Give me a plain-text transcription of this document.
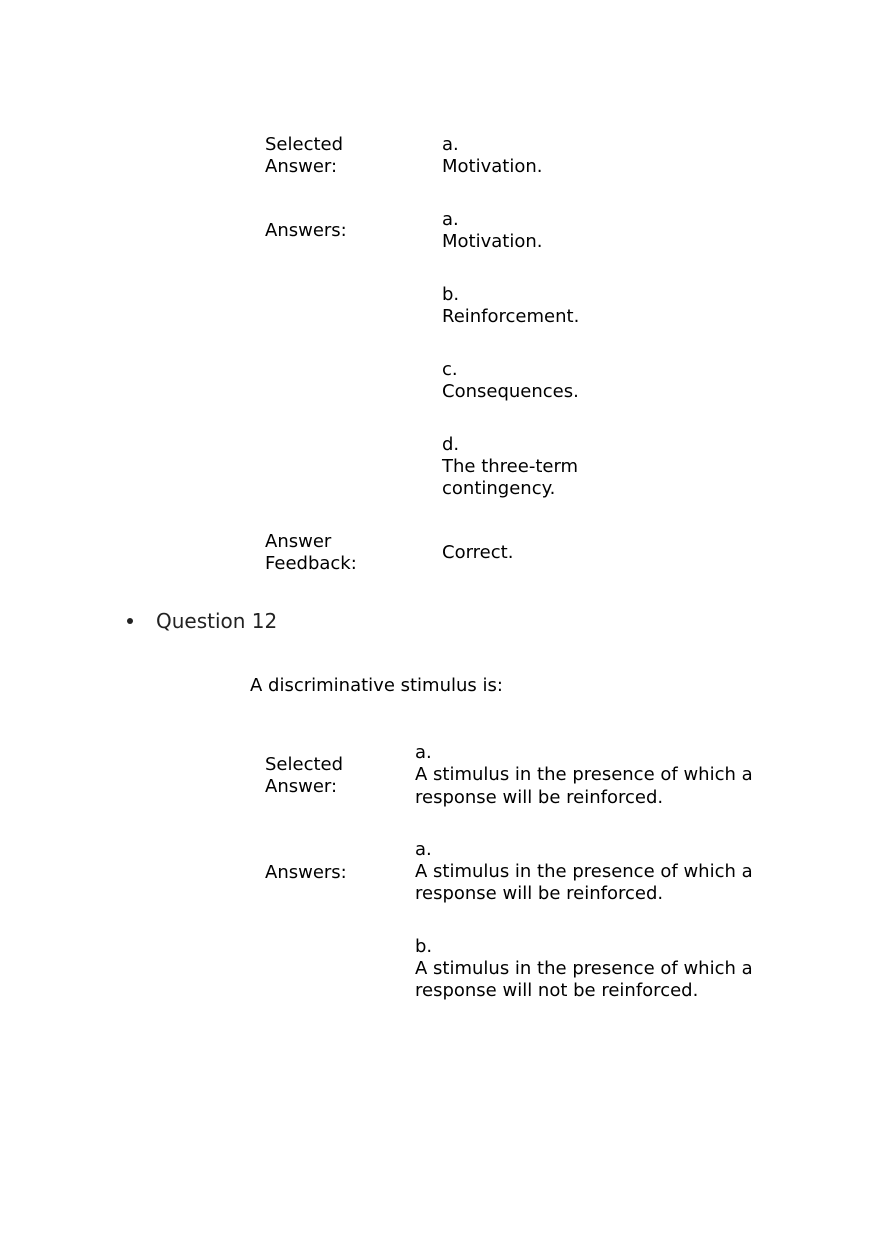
Selected

Answer:

a.

Motivation.

Answers:

a.

Motivation.

b.

Reinforcement.

c.

Consequences.

d.

The three-term

contingency.

Answer

Feedback:

Correct.

Question 12
A discriminative stimulus is:

Selected

Answer:

a.

A stimulus in the presence of which a

response will be reinforced.

Answers:

a.

A stimulus in the presence of which a

response will be reinforced.

b.

A stimulus in the presence of which a

response will not be reinforced.
